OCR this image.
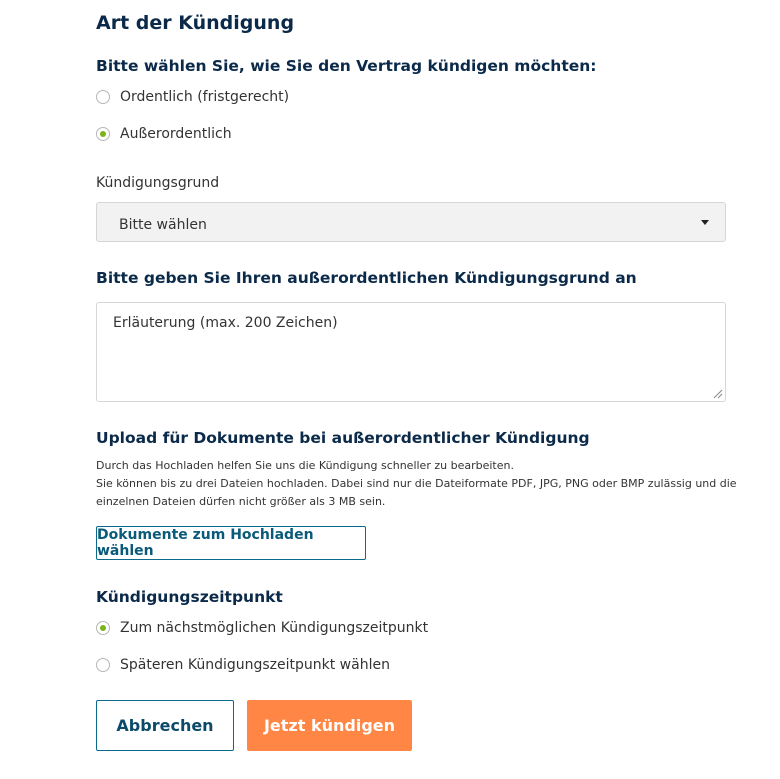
Art der Kündigung
Bitte wählen Sie, wie Sie den Vertrag kündigen möchten:
Ordentlich (fristgerecht)
Außerordentlich
Kündigungsgrund
Bitte wählen
Bitte geben Sie Ihren außerordentlichen Kündigungsgrund an
Erläuterung (max. 200 Zeichen)
Upload für Dokumente bei außerordentlicher Kündigung
Durch das Hochladen helfen Sie uns die Kündigung schneller zu bearbeiten.
Sie können bis zu drei Dateien hochladen. Dabei sind nur die Dateiformate PDF, JPG, PNG oder BMP zulässig und die
einzelnen Dateien dürfen nicht größer als 3 MB sein.
Dokumente zum Hochladen wählen
Kündigungszeitpunkt
Zum nächstmöglichen Kündigungszeitpunkt
Späteren Kündigungszeitpunkt wählen
Abbrechen	Jetzt kündigen
